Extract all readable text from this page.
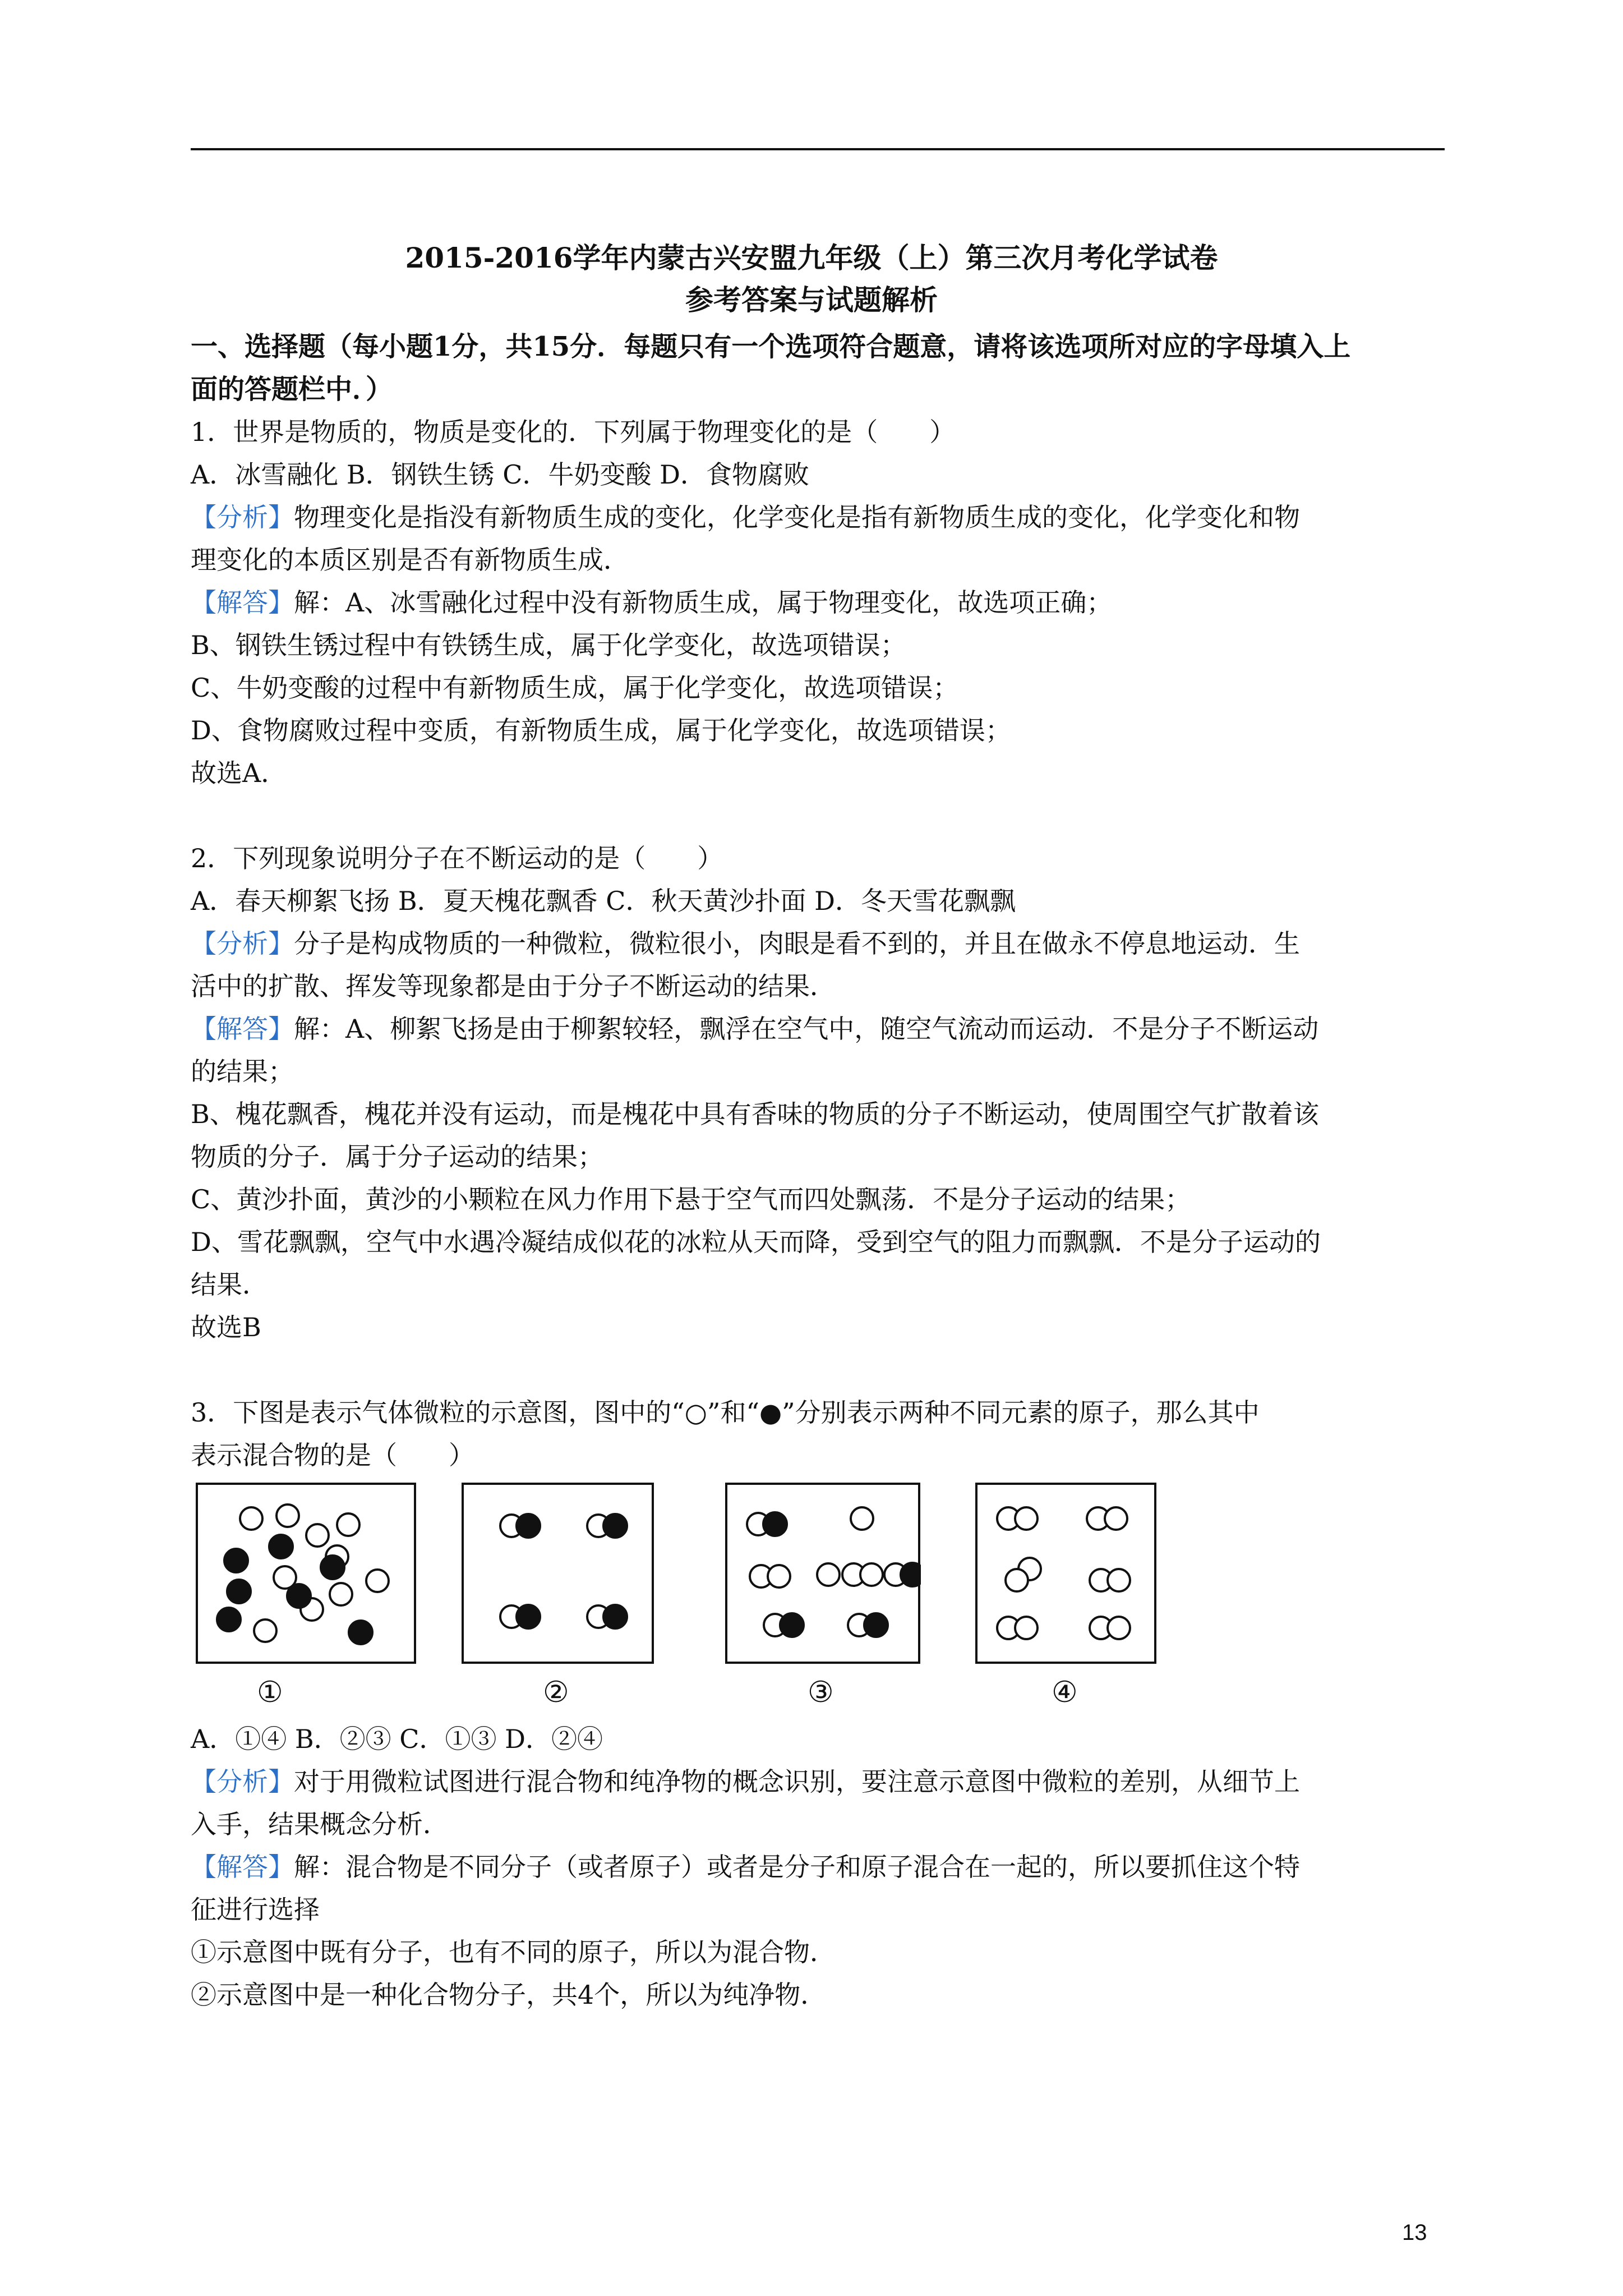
2015-2016学年内蒙古兴安盟九年级（上）第三次月考化学试卷
参考答案与试题解析

一、选择题（每小题1分，共15分．每题只有一个选项符合题意，请将该选项所对应的字母填入上

面的答题栏中．）

1．世界是物质的，物质是变化的．下列属于物理变化的是（　　）

A．冰雪融化 B．钢铁生锈 C．牛奶变酸 D．食物腐败

【分析】物理变化是指没有新物质生成的变化，化学变化是指有新物质生成的变化，化学变化和物

理变化的本质区别是否有新物质生成．

【解答】解：A、冰雪融化过程中没有新物质生成，属于物理变化，故选项正确；

B、钢铁生锈过程中有铁锈生成，属于化学变化，故选项错误；

C、牛奶变酸的过程中有新物质生成，属于化学变化，故选项错误；

D、食物腐败过程中变质，有新物质生成，属于化学变化，故选项错误；

故选A．

2．下列现象说明分子在不断运动的是（　　）

A．春天柳絮飞扬 B．夏天槐花飘香 C．秋天黄沙扑面 D．冬天雪花飘飘

【分析】分子是构成物质的一种微粒，微粒很小，肉眼是看不到的，并且在做永不停息地运动．生

活中的扩散、挥发等现象都是由于分子不断运动的结果．

【解答】解：A、柳絮飞扬是由于柳絮较轻，飘浮在空气中，随空气流动而运动．不是分子不断运动

的结果；

B、槐花飘香，槐花并没有运动，而是槐花中具有香味的物质的分子不断运动，使周围空气扩散着该

物质的分子．属于分子运动的结果；

C、黄沙扑面，黄沙的小颗粒在风力作用下悬于空气而四处飘荡．不是分子运动的结果；

D、雪花飘飘，空气中水遇冷凝结成似花的冰粒从天而降，受到空气的阻力而飘飘．不是分子运动的

结果．

故选B

3．下图是表示气体微粒的示意图，图中的“○”和“●”分别表示两种不同元素的原子，那么其中

表示混合物的是（　　）

①	②	③	④

A．①④ B．②③ C．①③ D．②④

【分析】对于用微粒试图进行混合物和纯净物的概念识别，要注意示意图中微粒的差别，从细节上

入手，结果概念分析．

【解答】解：混合物是不同分子（或者原子）或者是分子和原子混合在一起的，所以要抓住这个特

征进行选择

①示意图中既有分子，也有不同的原子，所以为混合物．

②示意图中是一种化合物分子，共4个，所以为纯净物．

13
